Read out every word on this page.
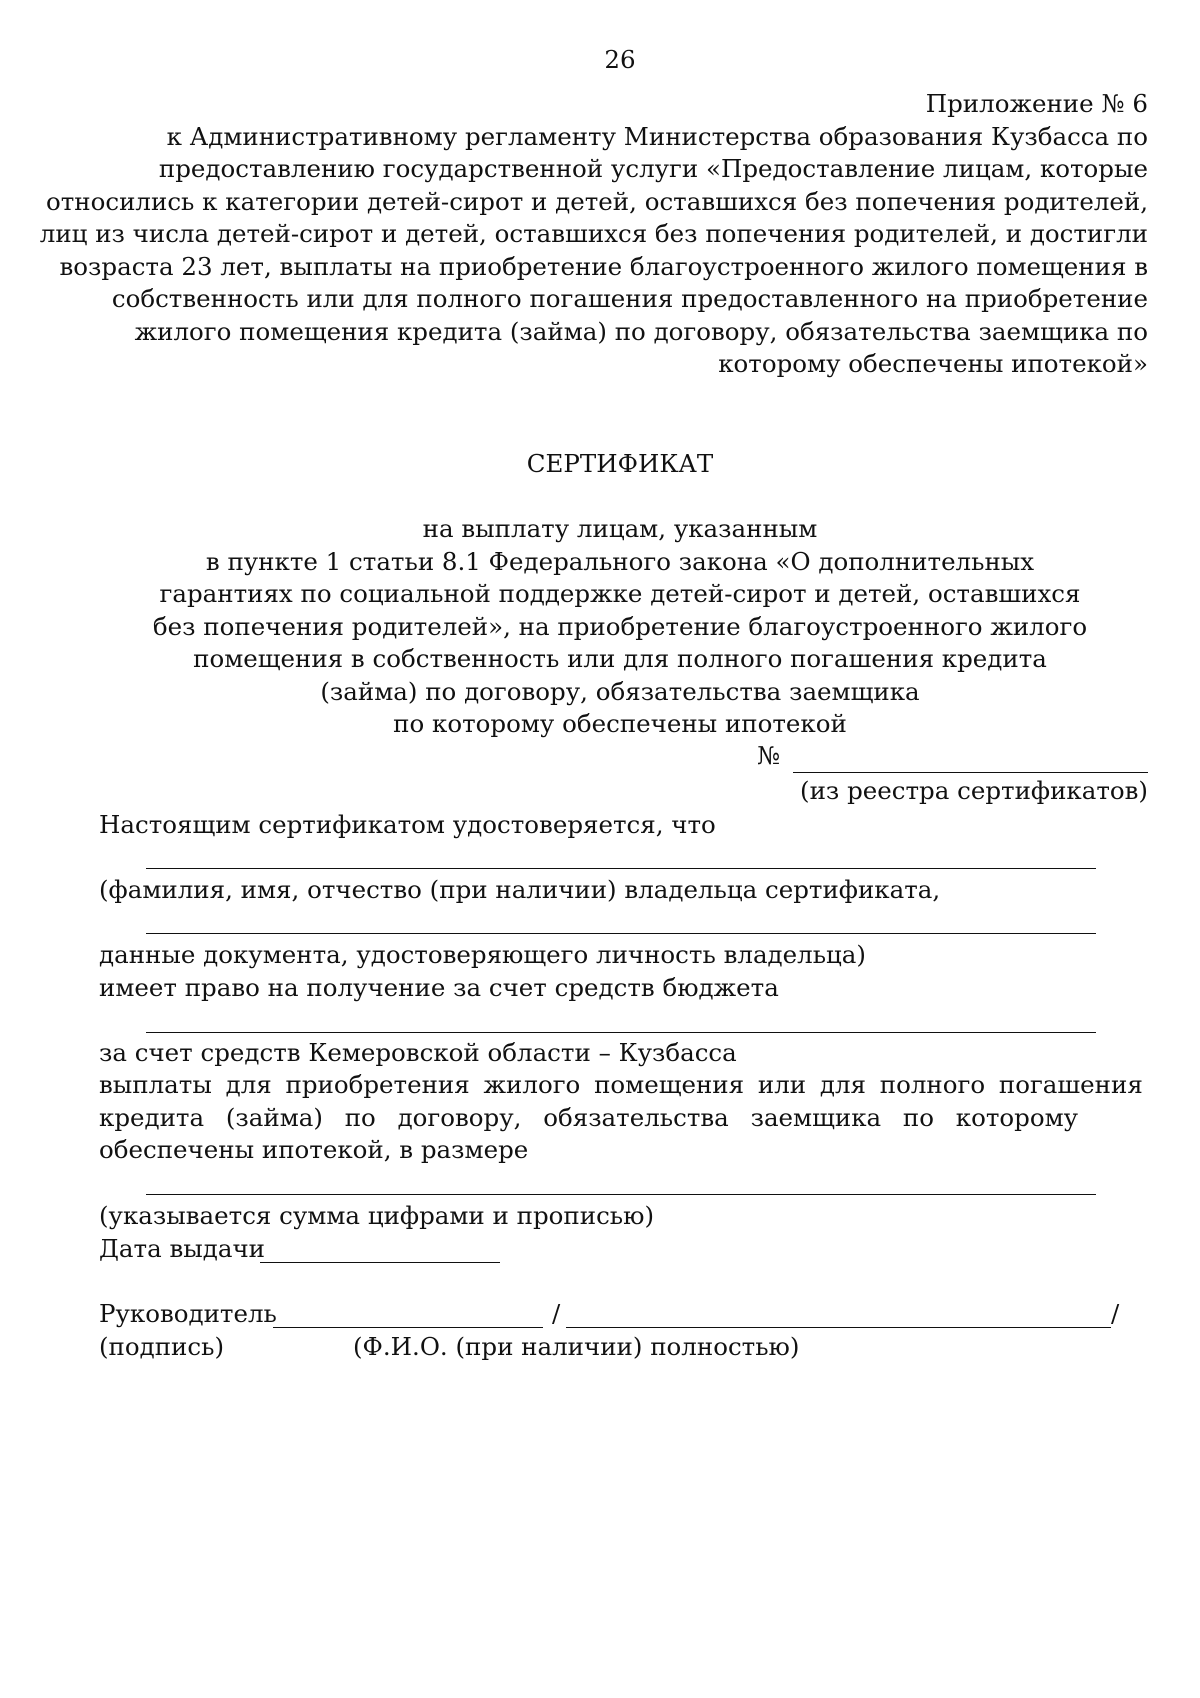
26
Приложение № 6
к Административному регламенту Министерства образования Кузбасса по
предоставлению государственной услуги «Предоставление лицам, которые
относились к категории детей-сирот и детей, оставшихся без попечения родителей,
лиц из числа детей-сирот и детей, оставшихся без попечения родителей, и достигли
возраста 23 лет, выплаты на приобретение благоустроенного жилого помещения в
собственность или для полного погашения предоставленного на приобретение
жилого помещения кредита (займа) по договору, обязательства заемщика по
которому обеспечены ипотекой»
СЕРТИФИКАТ
на выплату лицам, указанным
в пункте 1 статьи 8.1 Федерального закона «О дополнительных
гарантиях по социальной поддержке детей-сирот и детей, оставшихся
без попечения родителей», на приобретение благоустроенного жилого
помещения в собственность или для полного погашения кредита
(займа) по договору, обязательства заемщика
по которому обеспечены ипотекой
№
(из реестра сертификатов)
Настоящим сертификатом удостоверяется, что
(фамилия, имя, отчество (при наличии) владельца сертификата,
данные документа, удостоверяющего личность владельца)
имеет право на получение за счет средств бюджета
за счет средств Кемеровской области – Кузбасса
выплаты для приобретения жилого помещения или для полного погашения
кредита (займа) по договору, обязательства заемщика по которому
обеспечены ипотекой, в размере
(указывается сумма цифрами и прописью)
Дата выдачи
Руководитель	/	/
(подпись)	(Ф.И.О. (при наличии) полностью)
